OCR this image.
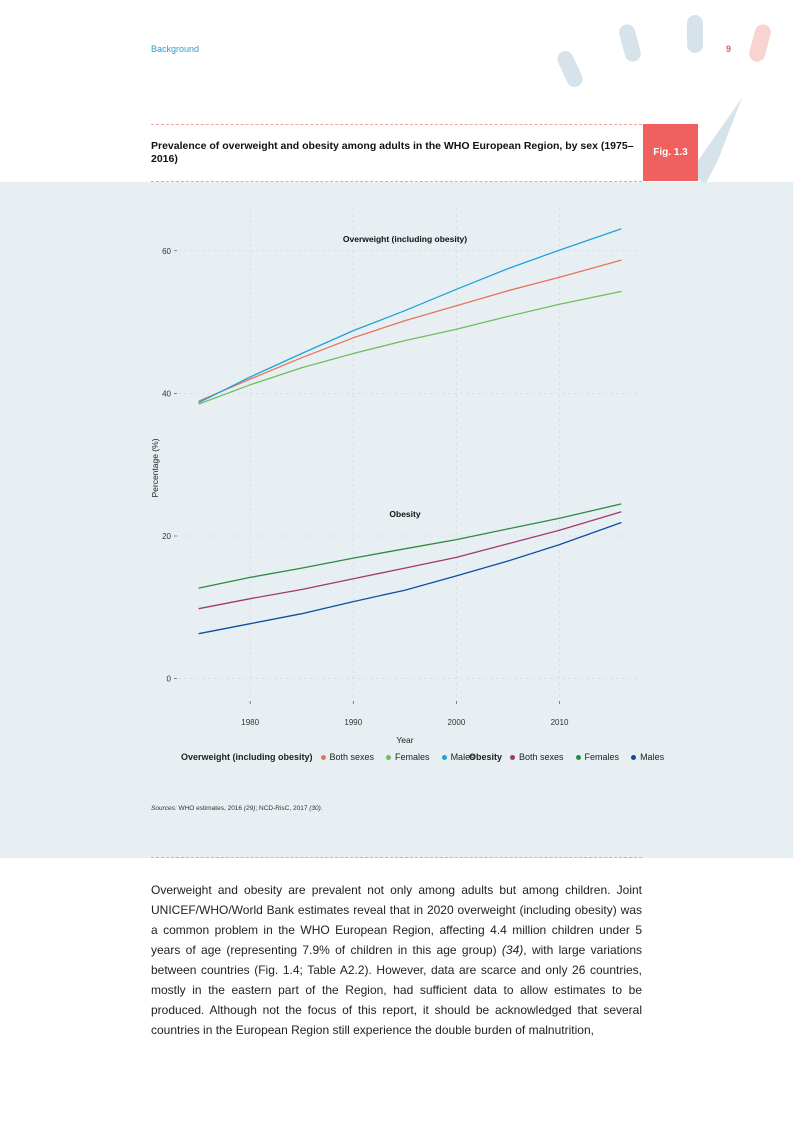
Background	9
Prevalence of overweight and obesity among adults in the WHO European Region, by sex (1975–2016)
Fig. 1.3
0
20
40
60
1980	1990	2000	2010
Overweight (including obesity)
Obesity
Year
Percentage (%)
Overweight (including obesity) Both sexes Females Males
Obesity Both sexes Females Males
Sources: WHO estimates, 2016 (29); NCD-RisC, 2017 (30).

Overweight and obesity are prevalent not only among adults but among children. Joint UNICEF/WHO/World Bank estimates reveal that in 2020 overweight (including obesity) was a common problem in the WHO European Region, affecting 4.4 million children under 5 years of age (representing 7.9% of children in this age group) (34), with large variations between countries (Fig. 1.4; Table A2.2). However, data are scarce and only 26 countries, mostly in the eastern part of the Region, had sufficient data to allow estimates to be produced. Although not the focus of this report, it should be acknowledged that several countries in the European Region still experience the double burden of malnutrition,
